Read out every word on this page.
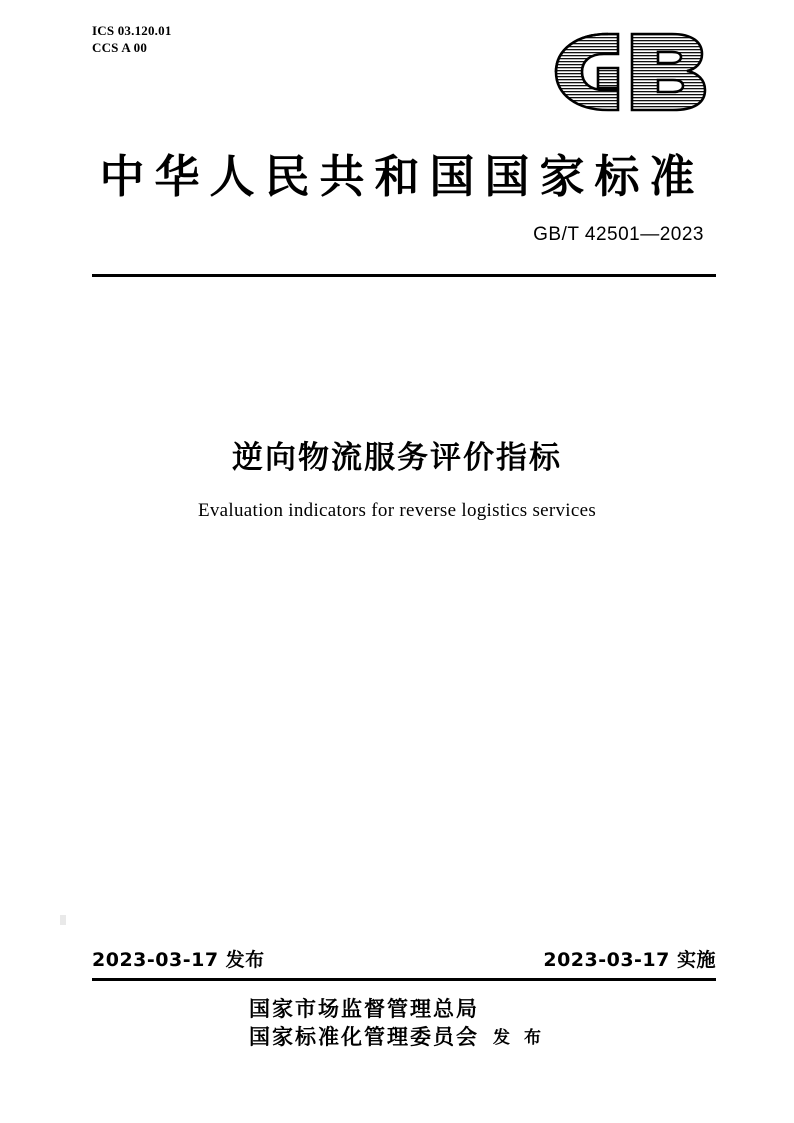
ICS 03.120.01
CCS A 00
中华人民共和国国家标准
GB/T 42501—2023
逆向物流服务评价指标
Evaluation indicators for reverse logistics services
2023-03-17 发布	2023-03-17 实施
国家市场监督管理总局
国家标准化管理委员会 发 布
